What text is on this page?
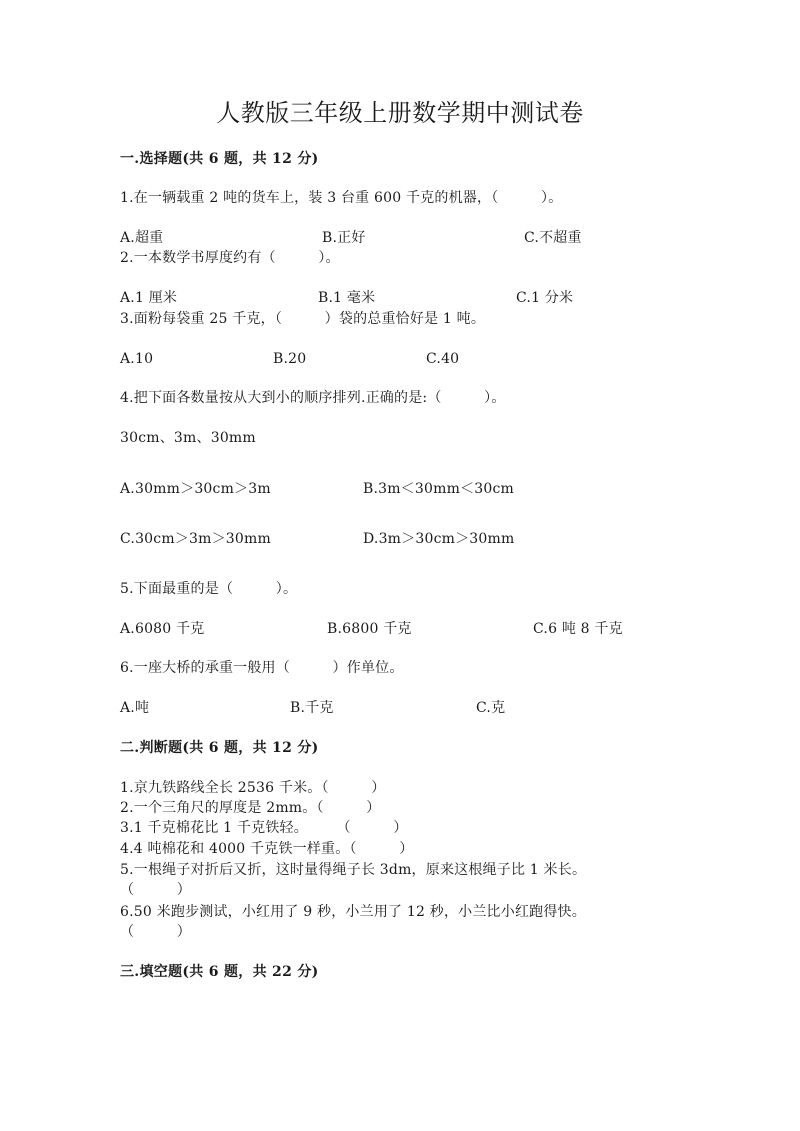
人教版三年级上册数学期中测试卷
一.选择题(共 6 题，共 12 分)
1.在一辆载重 2 吨的货车上，装 3 台重 600 千克的机器，（　　　）。
A.超重	B.正好	C.不超重
2.一本数学书厚度约有（　　　）。
A.1 厘米	B.1 毫米	C.1 分米
3.面粉每袋重 25 千克，（　　　）袋的总重恰好是 1 吨。
A.10	B.20	C.40
4.把下面各数量按从大到小的顺序排列.正确的是:（　　　）。
30cm、3m、30mm
A.30mm＞30cm＞3m	B.3m＜30mm＜30cm
C.30cm＞3m＞30mm	D.3m＞30cm＞30mm
5.下面最重的是（　　　）。
A.6080 千克	B.6800 千克	C.6 吨 8 千克
6.一座大桥的承重一般用（　　　）作单位。
A.吨	B.千克	C.克
二.判断题(共 6 题，共 12 分)
1.京九铁路线全长 2536 千米。（　　　）
2.一个三角尺的厚度是 2mm。（　　　）
3.1 千克棉花比 1 千克铁轻。　　　（　　　）
4.4 吨棉花和 4000 千克铁一样重。（　　　）
5.一根绳子对折后又折，这时量得绳子长 3dm，原来这根绳子比 1 米长。
（　　　）
6.50 米跑步测试，小红用了 9 秒，小兰用了 12 秒，小兰比小红跑得快。
（　　　）
三.填空题(共 6 题，共 22 分)
